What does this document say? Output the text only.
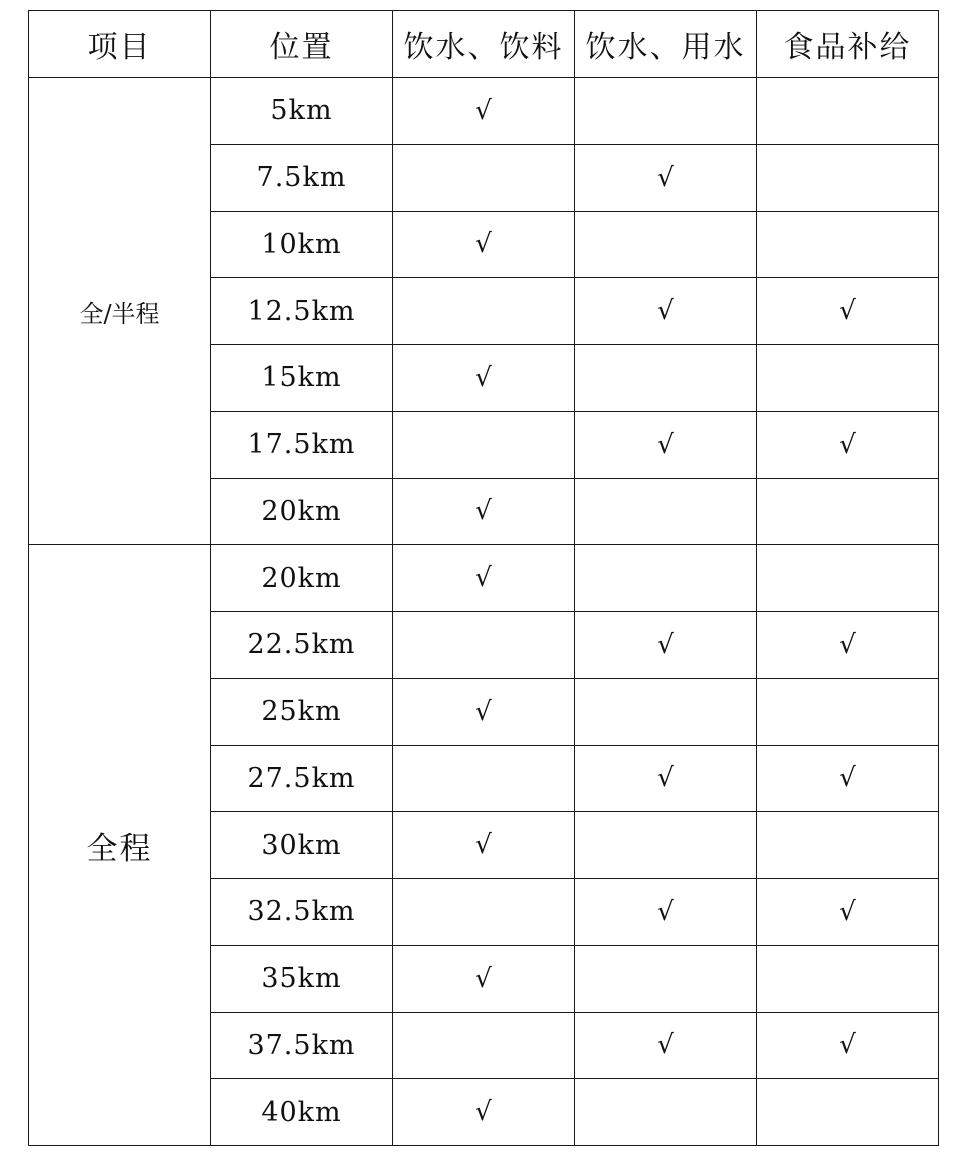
项目	位置	饮水、饮料	饮水、用水	食品补给
全/半程	5km	√		
	7.5km		√	
	10km	√		
	12.5km		√	√
	15km	√		
	17.5km		√	√
	20km	√		
全程	20km	√		
	22.5km		√	√
	25km	√		
	27.5km		√	√
	30km	√		
	32.5km		√	√
	35km	√		
	37.5km		√	√
	40km	√		
